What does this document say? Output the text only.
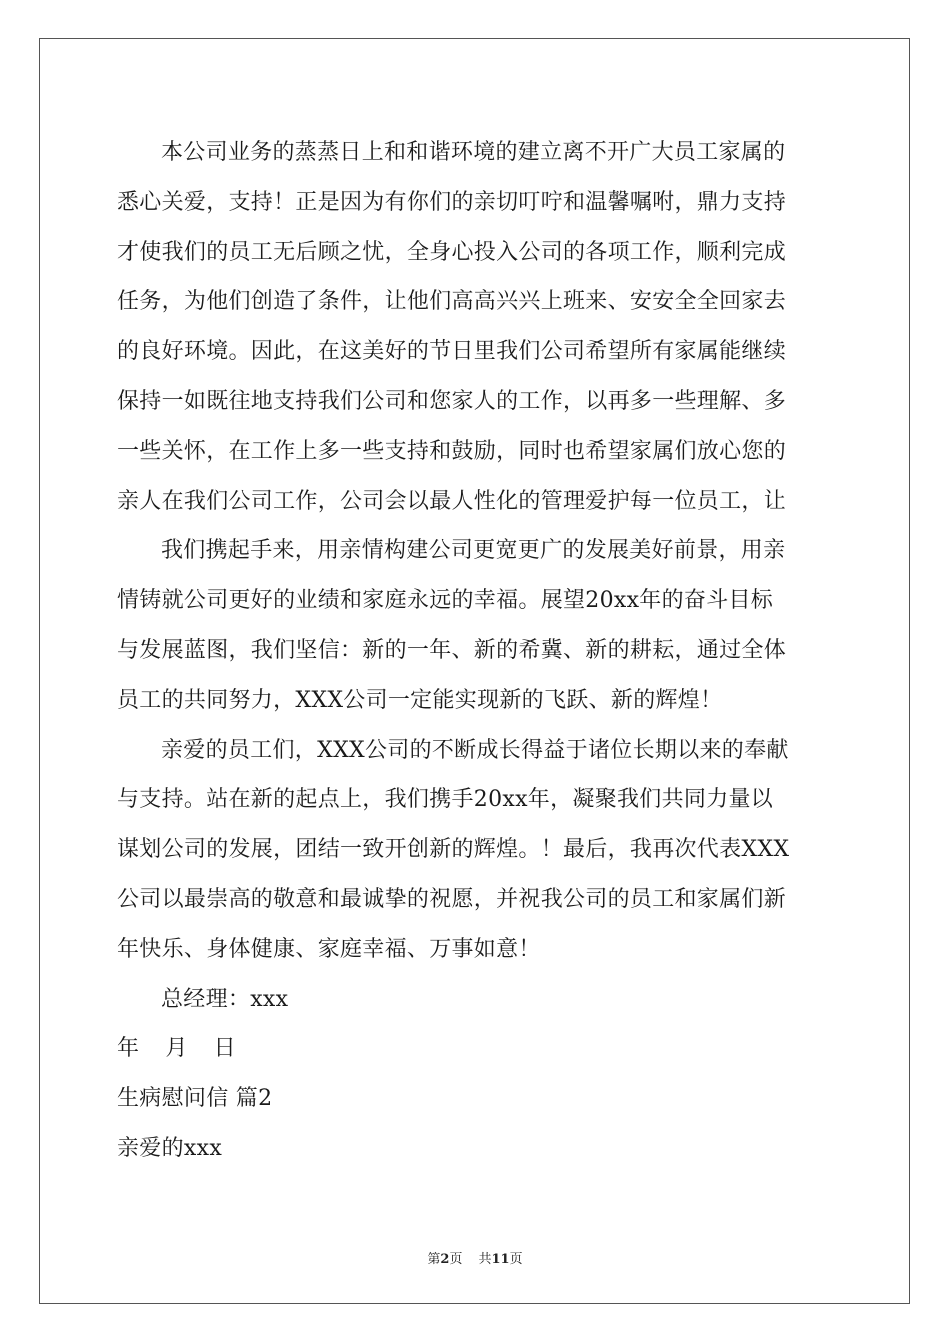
本公司业务的蒸蒸日上和和谐环境的建立离不开广大员工家属的
悉心关爱，支持！正是因为有你们的亲切叮咛和温馨嘱咐，鼎力支持
才使我们的员工无后顾之忧，全身心投入公司的各项工作，顺利完成
任务，为他们创造了条件，让他们高高兴兴上班来、安安全全回家去
的良好环境。因此，在这美好的节日里我们公司希望所有家属能继续
保持一如既往地支持我们公司和您家人的工作，以再多一些理解、多
一些关怀，在工作上多一些支持和鼓励，同时也希望家属们放心您的
亲人在我们公司工作，公司会以最人性化的管理爱护每一位员工，让
我们携起手来，用亲情构建公司更宽更广的发展美好前景，用亲
情铸就公司更好的业绩和家庭永远的幸福。展望20xx年的奋斗目标
与发展蓝图，我们坚信：新的一年、新的希冀、新的耕耘，通过全体
员工的共同努力，XXX公司一定能实现新的飞跃、新的辉煌！
亲爱的员工们，XXX公司的不断成长得益于诸位长期以来的奉献
与支持。站在新的起点上，我们携手20xx年，凝聚我们共同力量以
谋划公司的发展，团结一致开创新的辉煌。！最后，我再次代表XXX
公司以最崇高的敬意和最诚挚的祝愿，并祝我公司的员工和家属们新
年快乐、身体健康、家庭幸福、万事如意！
总经理：xxx
年 月 日
生病慰问信 篇2
亲爱的xxx
第2页 共11页
